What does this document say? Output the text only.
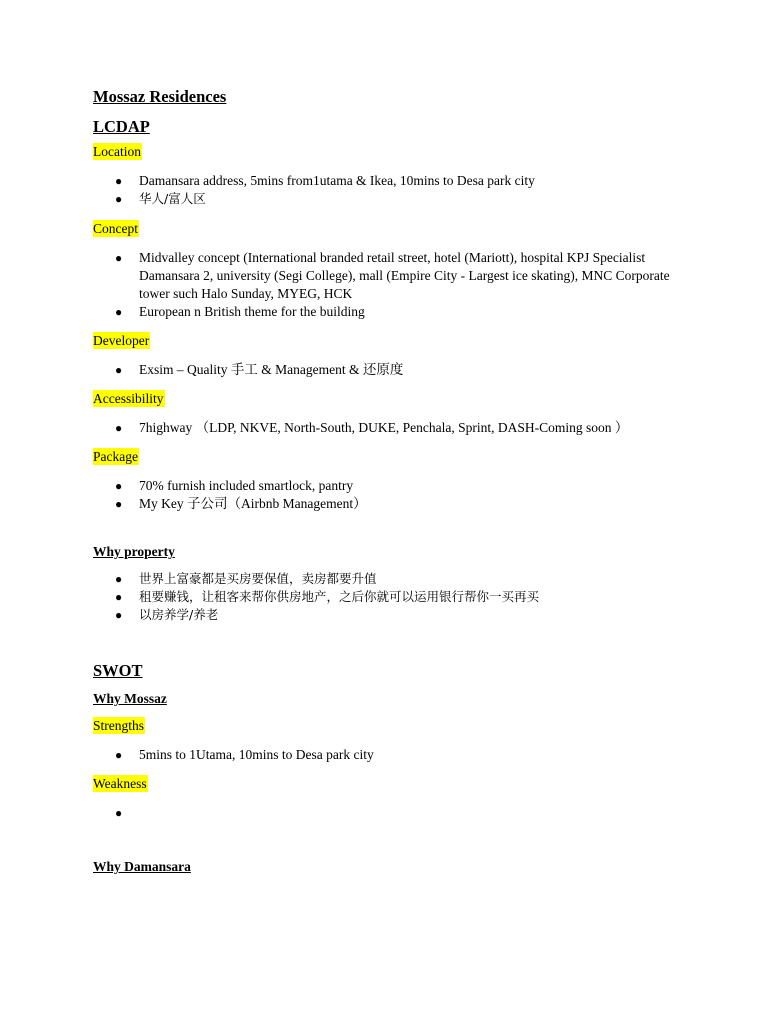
Mossaz Residences

LCDAP

Location
● Damansara address, 5mins from1utama & Ikea, 10mins to Desa park city
● 华人/富人区
Concept
● Midvalley concept (International branded retail street, hotel (Mariott), hospital KPJ Specialist Damansara 2, university (Segi College), mall (Empire City - Largest ice skating), MNC Corporate tower such Halo Sunday, MYEG, HCK
● European n British theme for the building
Developer
● Exsim – Quality 手工 & Management & 还原度
Accessibility
● 7highway （LDP, NKVE, North-South, DUKE, Penchala, Sprint, DASH-Coming soon ）
Package
● 70% furnish included smartlock, pantry
● My Key 子公司（Airbnb Management）

Why property

● 世界上富豪都是买房要保值，卖房都要升值
● 租要赚钱，让租客来帮你供房地产，之后你就可以运用银行帮你一买再买
● 以房养学/养老

SWOT

Why Mossaz

Strengths
● 5mins to 1Utama, 10mins to Desa park city
Weakness
●

Why Damansara
